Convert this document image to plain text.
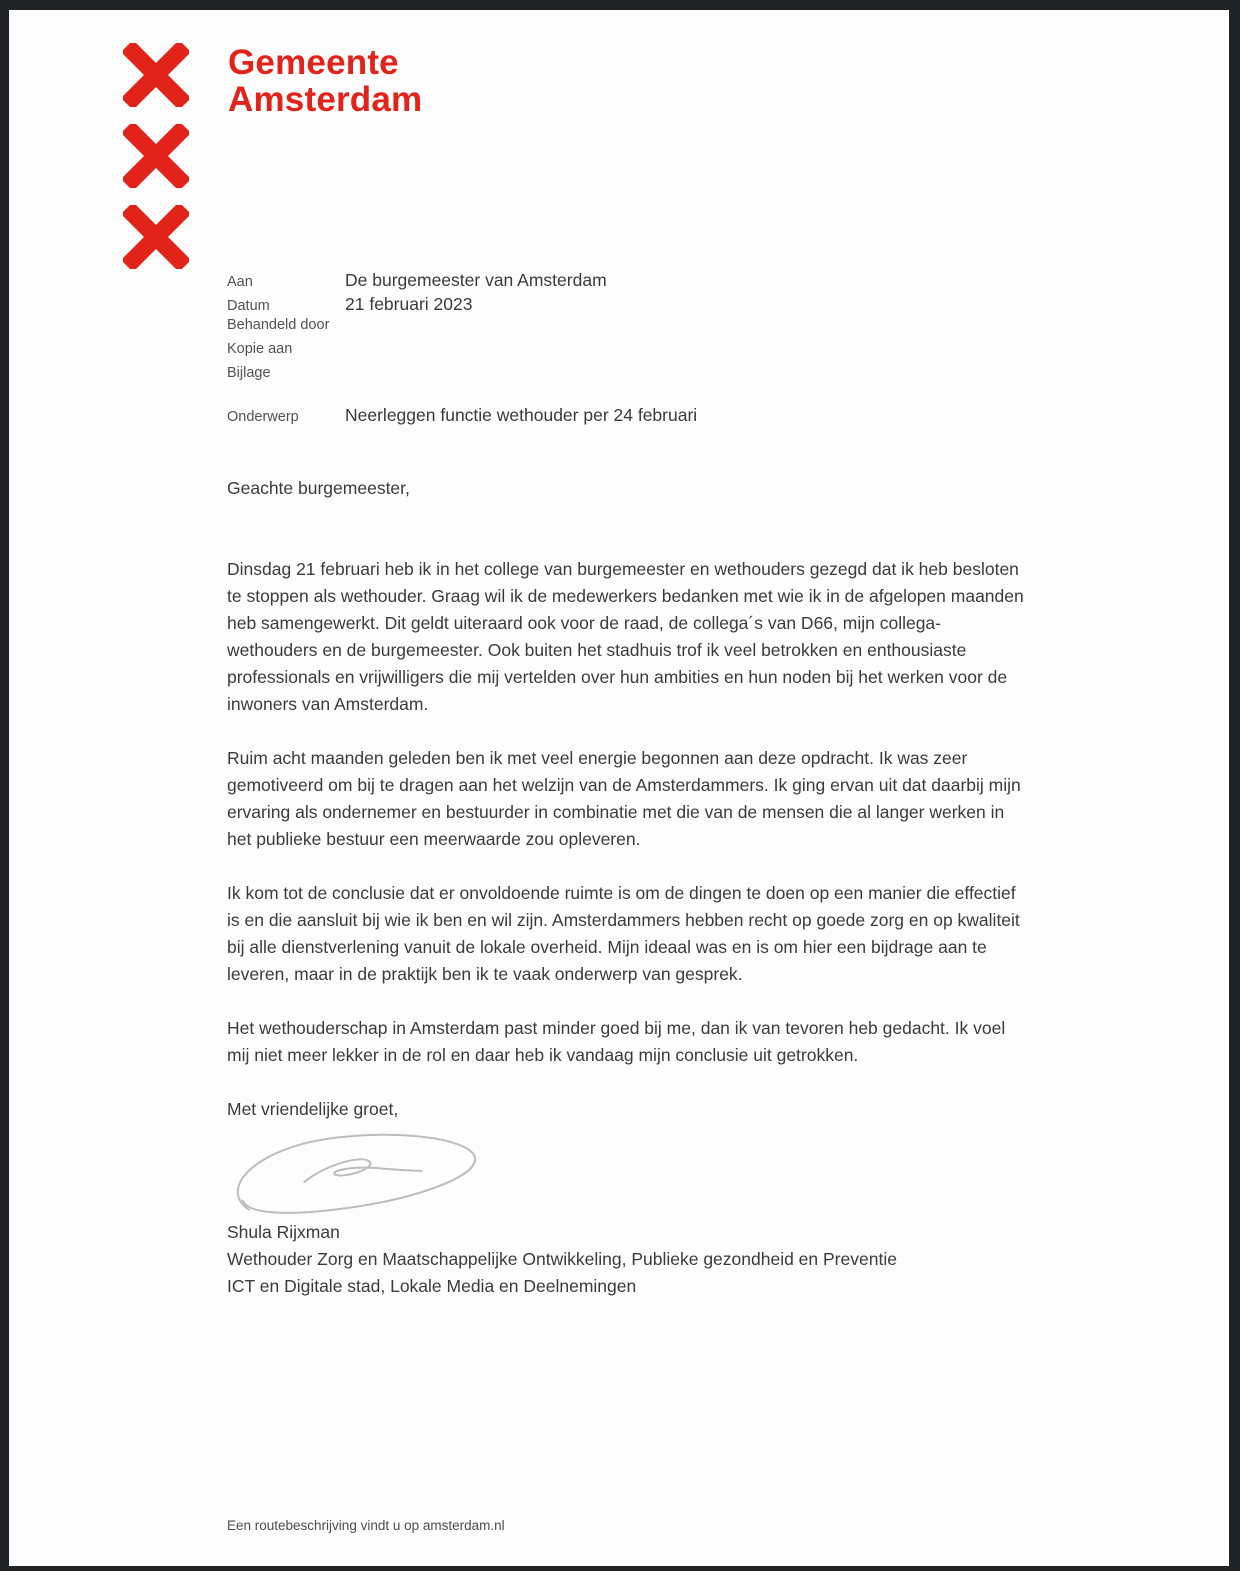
Gemeente
Amsterdam
Aan	De burgemeester van Amsterdam
Datum	21 februari 2023
Behandeld door
Kopie aan
Bijlage
Onderwerp	Neerleggen functie wethouder per 24 februari

Geachte burgemeester,

Dinsdag 21 februari heb ik in het college van burgemeester en wethouders gezegd dat ik heb besloten te stoppen als wethouder. Graag wil ik de medewerkers bedanken met wie ik in de afgelopen maanden heb samengewerkt. Dit geldt uiteraard ook voor de raad, de collega´s van D66, mijn collega-wethouders en de burgemeester. Ook buiten het stadhuis trof ik veel betrokken en enthousiaste professionals en vrijwilligers die mij vertelden over hun ambities en hun noden bij het werken voor de inwoners van Amsterdam.

Ruim acht maanden geleden ben ik met veel energie begonnen aan deze opdracht. Ik was zeer gemotiveerd om bij te dragen aan het welzijn van de Amsterdammers. Ik ging ervan uit dat daarbij mijn ervaring als ondernemer en bestuurder in combinatie met die van de mensen die al langer werken in het publieke bestuur een meerwaarde zou opleveren.

Ik kom tot de conclusie dat er onvoldoende ruimte is om de dingen te doen op een manier die effectief is en die aansluit bij wie ik ben en wil zijn. Amsterdammers hebben recht op goede zorg en op kwaliteit bij alle dienstverlening vanuit de lokale overheid. Mijn ideaal was en is om hier een bijdrage aan te leveren, maar in de praktijk ben ik te vaak onderwerp van gesprek.

Het wethouderschap in Amsterdam past minder goed bij me, dan ik van tevoren heb gedacht. Ik voel mij niet meer lekker in de rol en daar heb ik vandaag mijn conclusie uit getrokken.

Met vriendelijke groet,

Shula Rijxman

Wethouder Zorg en Maatschappelijke Ontwikkeling, Publieke gezondheid en Preventie

ICT en Digitale stad, Lokale Media en Deelnemingen

Een routebeschrijving vindt u op amsterdam.nl
